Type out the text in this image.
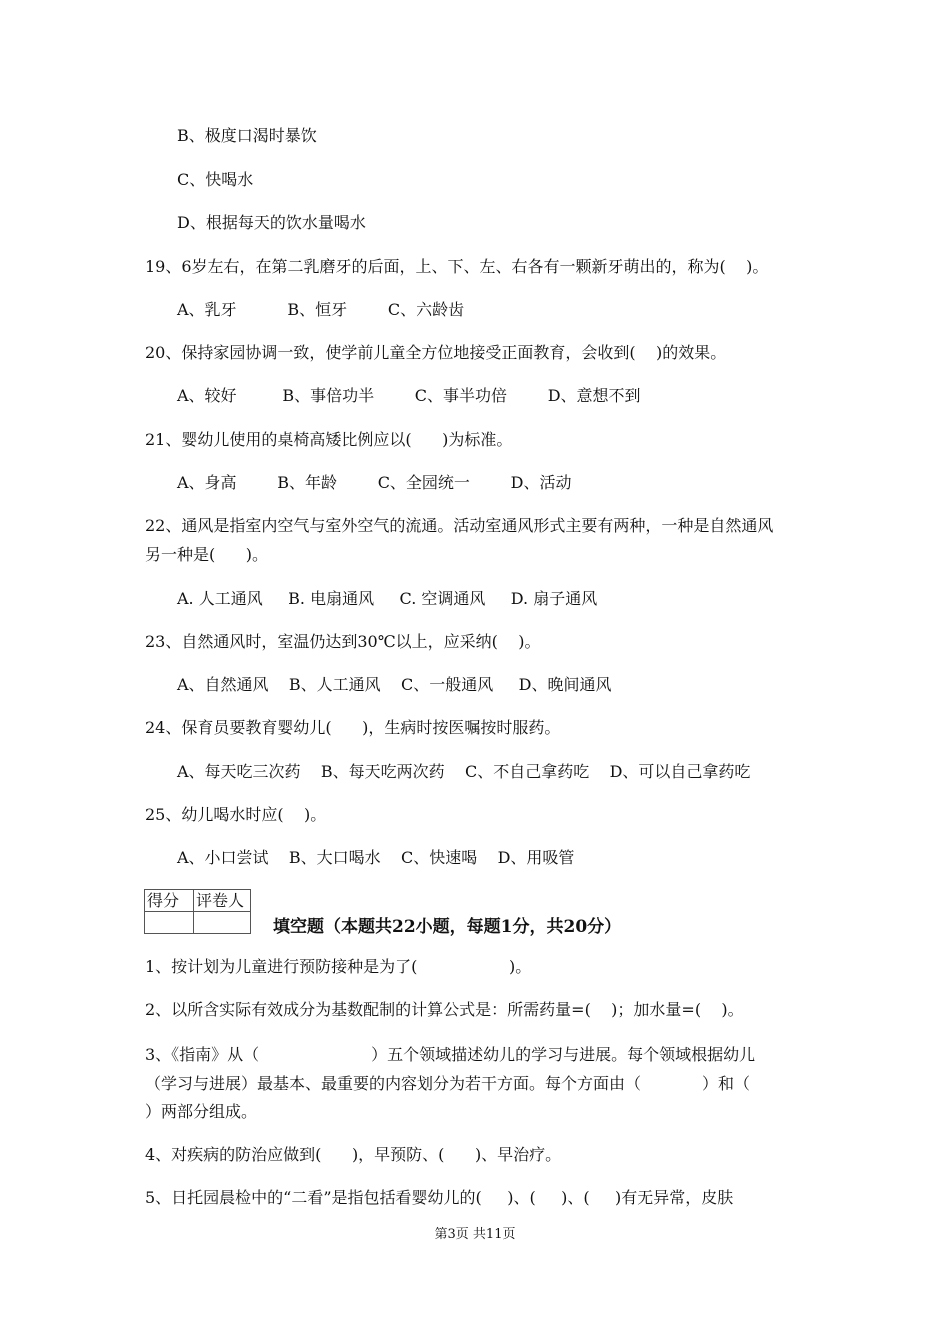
B、极度口渴时暴饮
C、快喝水
D、根据每天的饮水量喝水
19、6岁左右，在第二乳磨牙的后面，上、下、左、右各有一颗新牙萌出的，称为(    )。
A、乳牙          B、恒牙        C、六龄齿
20、保持家园协调一致，使学前儿童全方位地接受正面教育，会收到(    )的效果。
A、较好         B、事倍功半        C、事半功倍        D、意想不到
21、婴幼儿使用的桌椅高矮比例应以(      )为标准。
A、身高        B、年龄        C、全园统一        D、活动
22、通风是指室内空气与室外空气的流通。活动室通风形式主要有两种，一种是自然通风
另一种是(      )。
A. 人工通风     B. 电扇通风     C. 空调通风     D. 扇子通风
23、自然通风时，室温仍达到30℃以上，应采纳(    )。
A、自然通风    B、人工通风    C、一般通风     D、晚间通风
24、保育员要教育婴幼儿(      )，生病时按医嘱按时服药。
A、每天吃三次药    B、每天吃两次药    C、不自己拿药吃    D、可以自己拿药吃
25、幼儿喝水时应(    )。
A、小口尝试    B、大口喝水    C、快速喝    D、用吸管
1、按计划为儿童进行预防接种是为了(                  )。
2、以所含实际有效成分为基数配制的计算公式是：所需药量=(    )；加水量=(    )。
3、《指南》从（                      ）五个领域描述幼儿的学习与进展。每个领域根据幼儿
（学习与进展）最基本、最重要的内容划分为若干方面。每个方面由（            ）和（
）两部分组成。
4、对疾病的防治应做到(      )，早预防、(      )、早治疗。
5、日托园晨检中的“二看”是指包括看婴幼儿的(     )、(     )、(     )有无异常，皮肤
得分	评卷人

填空题（本题共22小题，每题1分，共20分）
第3页 共11页
